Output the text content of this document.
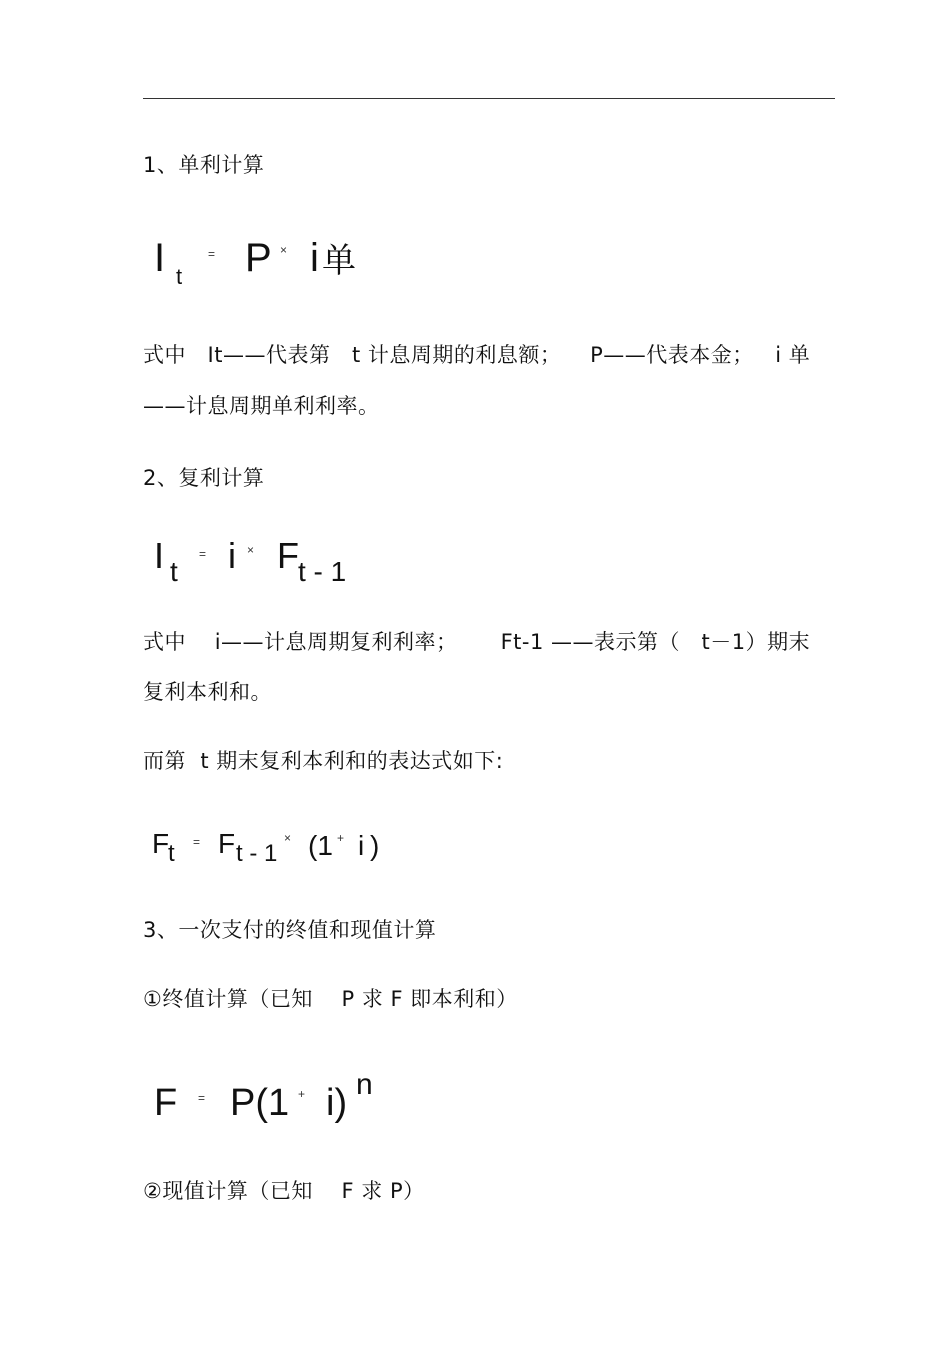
1、单利计算
I t
= P × i 单
式中   It——代表第   t 计息周期的利息额；    P——代表本金；   i 单
——计息周期单利利率。
2、复利计算
I t
= i × F t - 1
式中    i——计息周期复利利率；      Ft-1 ——表示第（   t－1）期末
复利本利和。
而第  t 期末复利本利和的表达式如下:
F
t = F t - 1
× (1 + i )
3、一次支付的终值和现值计算
①终值计算（已知    P 求 F 即本利和）
F = P(1 + i) n
②现值计算（已知    F 求 P）
